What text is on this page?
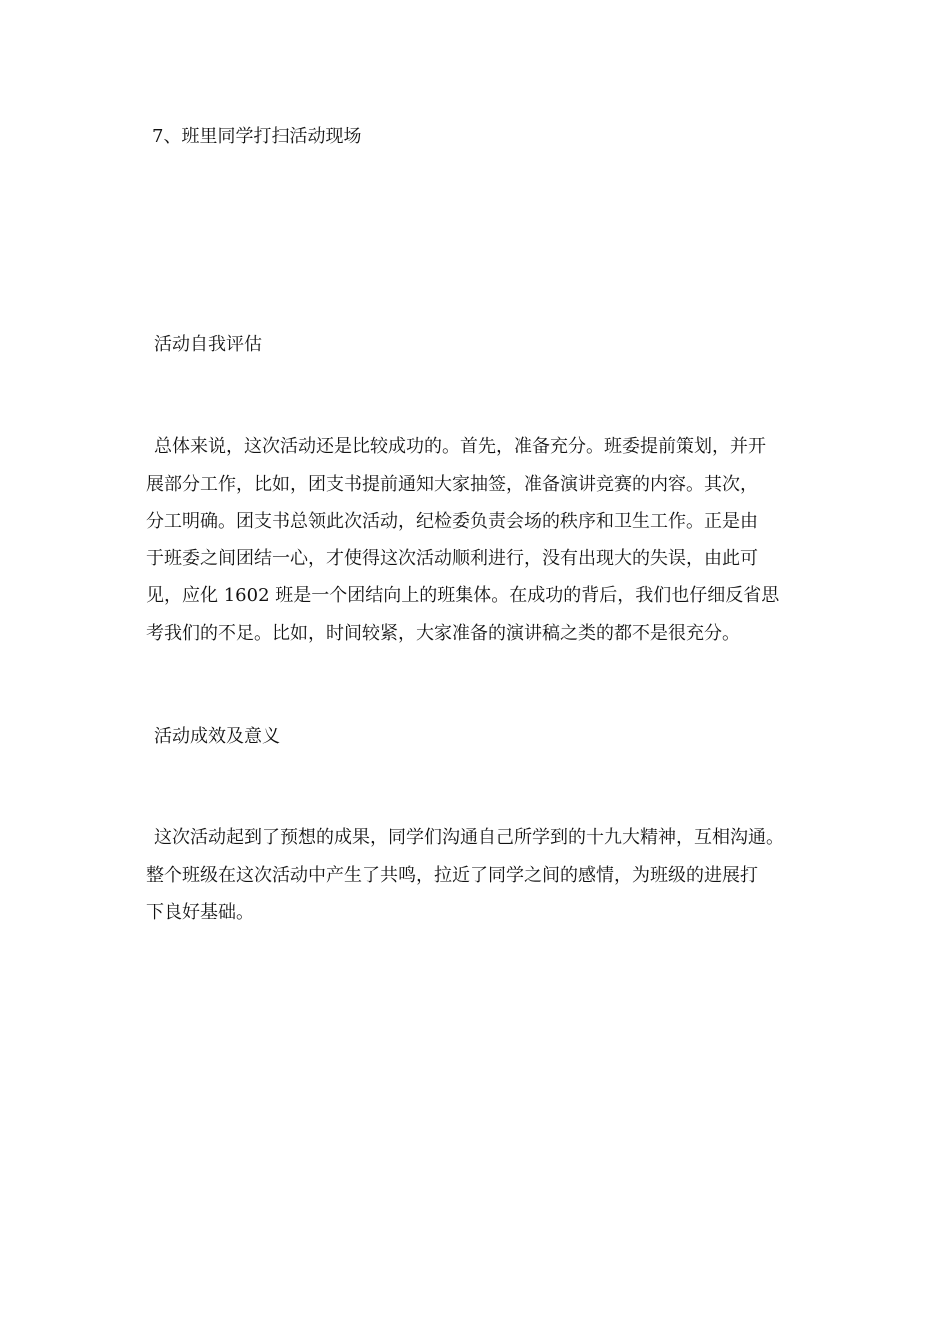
7、班里同学打扫活动现场
活动自我评估
总体来说，这次活动还是比较成功的。首先，准备充分。班委提前策划，并开
展部分工作，比如，团支书提前通知大家抽签，准备演讲竞赛的内容。其次，
分工明确。团支书总领此次活动，纪检委负责会场的秩序和卫生工作。正是由
于班委之间团结一心，才使得这次活动顺利进行，没有出现大的失误，由此可
见，应化 1602 班是一个团结向上的班集体。在成功的背后，我们也仔细反省思
考我们的不足。比如，时间较紧，大家准备的演讲稿之类的都不是很充分。
活动成效及意义
这次活动起到了预想的成果，同学们沟通自己所学到的十九大精神，互相沟通。
整个班级在这次活动中产生了共鸣，拉近了同学之间的感情，为班级的进展打
下良好基础。
